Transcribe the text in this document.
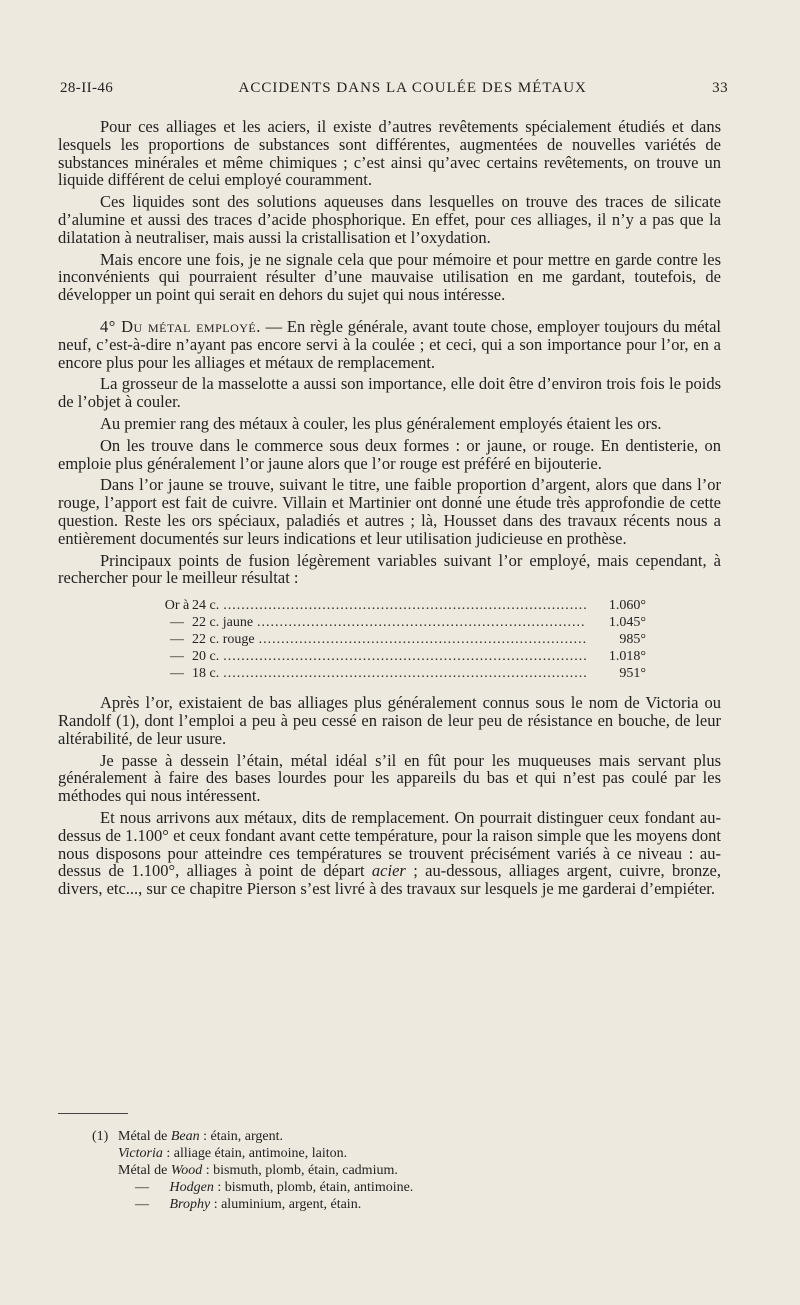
28-II-46	ACCIDENTS DANS LA COULÉE DES MÉTAUX	33

Pour ces alliages et les aciers, il existe d’autres revêtements spécialement étudiés et dans lesquels les proportions de substances sont différentes, augmentées de nouvelles variétés de substances minérales et même chimiques ; c’est ainsi qu’avec certains revêtements, on trouve un liquide différent de celui employé couramment.

Ces liquides sont des solutions aqueuses dans lesquelles on trouve des traces de silicate d’alumine et aussi des traces d’acide phosphorique. En effet, pour ces alliages, il n’y a pas que la dilatation à neutraliser, mais aussi la cristallisation et l’oxydation.

Mais encore une fois, je ne signale cela que pour mémoire et pour mettre en garde contre les inconvénients qui pourraient résulter d’une mauvaise utilisation en me gardant, toutefois, de développer un point qui serait en dehors du sujet qui nous intéresse.

4° Du métal employé. — En règle générale, avant toute chose, employer toujours du métal neuf, c’est-à-dire n’ayant pas encore servi à la coulée ; et ceci, qui a son importance pour l’or, en a encore plus pour les alliages et métaux de remplacement.

La grosseur de la masselotte a aussi son importance, elle doit être d’environ trois fois le poids de l’objet à couler.

Au premier rang des métaux à couler, les plus généralement employés étaient les ors.

On les trouve dans le commerce sous deux formes : or jaune, or rouge. En dentisterie, on emploie plus généralement l’or jaune alors que l’or rouge est préféré en bijouterie.

Dans l’or jaune se trouve, suivant le titre, une faible proportion d’argent, alors que dans l’or rouge, l’apport est fait de cuivre. Villain et Martinier ont donné une étude très approfondie de cette question. Reste les ors spéciaux, paladiés et autres ; là, Housset dans des travaux récents nous a entièrement documentés sur leurs indications et leur utilisation judicieuse en prothèse.

Principaux points de fusion légèrement variables suivant l’or employé, mais cependant, à rechercher pour le meilleur résultat :

Or à 24 c. .....	1.060°
— 22 c. jaune .....	1.045°
— 22 c. rouge .....	985°
— 20 c. .....	1.018°
— 18 c. .....	951°

Après l’or, existaient de bas alliages plus généralement connus sous le nom de Victoria ou Randolf (1), dont l’emploi a peu à peu cessé en raison de leur peu de résistance en bouche, de leur altérabilité, de leur usure.

Je passe à dessein l’étain, métal idéal s’il en fût pour les muqueuses mais servant plus généralement à faire des bases lourdes pour les appareils du bas et qui n’est pas coulé par les méthodes qui nous intéressent.

Et nous arrivons aux métaux, dits de remplacement. On pourrait distinguer ceux fondant au-dessus de 1.100° et ceux fondant avant cette température, pour la raison simple que les moyens dont nous disposons pour atteindre ces températures se trouvent précisément variés à ce niveau : au-dessus de 1.100°, alliages à point de départ acier ; au-dessous, alliages argent, cuivre, bronze, divers, etc..., sur ce chapitre Pierson s’est livré à des travaux sur lesquels je me garderai d’empiéter.

(1) Métal de Bean : étain, argent.
Victoria : alliage étain, antimoine, laiton.
Métal de Wood : bismuth, plomb, étain, cadmium.
— Hodgen : bismuth, plomb, étain, antimoine.
— Brophy : aluminium, argent, étain.
